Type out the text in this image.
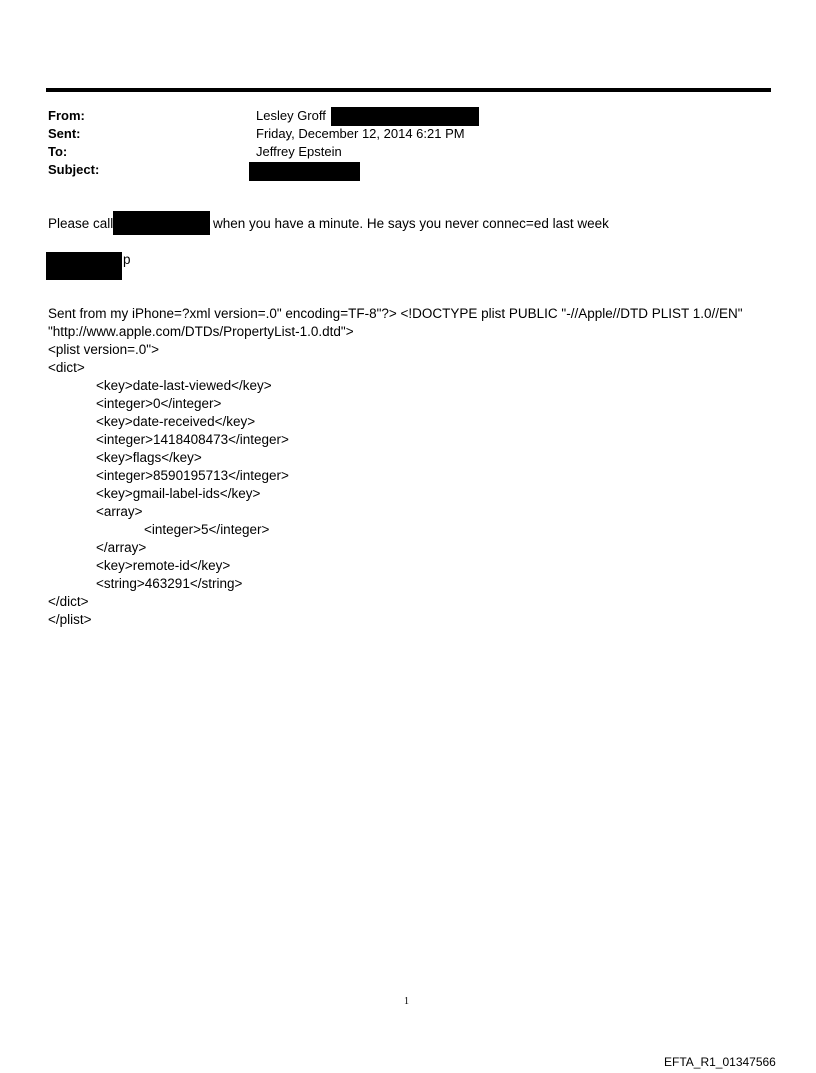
From:	Lesley Groff
Sent:	Friday, December 12, 2014 6:21 PM
To:	Jeffrey Epstein
Subject:
Please call	when you have a minute. He says you never connec=ed last week
p
Sent from my iPhone=?xml version=.0" encoding=TF-8"?> <!DOCTYPE plist PUBLIC "-//Apple//DTD PLIST 1.0//EN"
"http://www.apple.com/DTDs/PropertyList-1.0.dtd">
<plist version=.0">
<dict>
<key>date-last-viewed</key>
<integer>0</integer>
<key>date-received</key>
<integer>1418408473</integer>
<key>flags</key>
<integer>8590195713</integer>
<key>gmail-label-ids</key>
<array>
<integer>5</integer>
</array>
<key>remote-id</key>
<string>463291</string>
</dict>
</plist>
1
EFTA_R1_01347566
